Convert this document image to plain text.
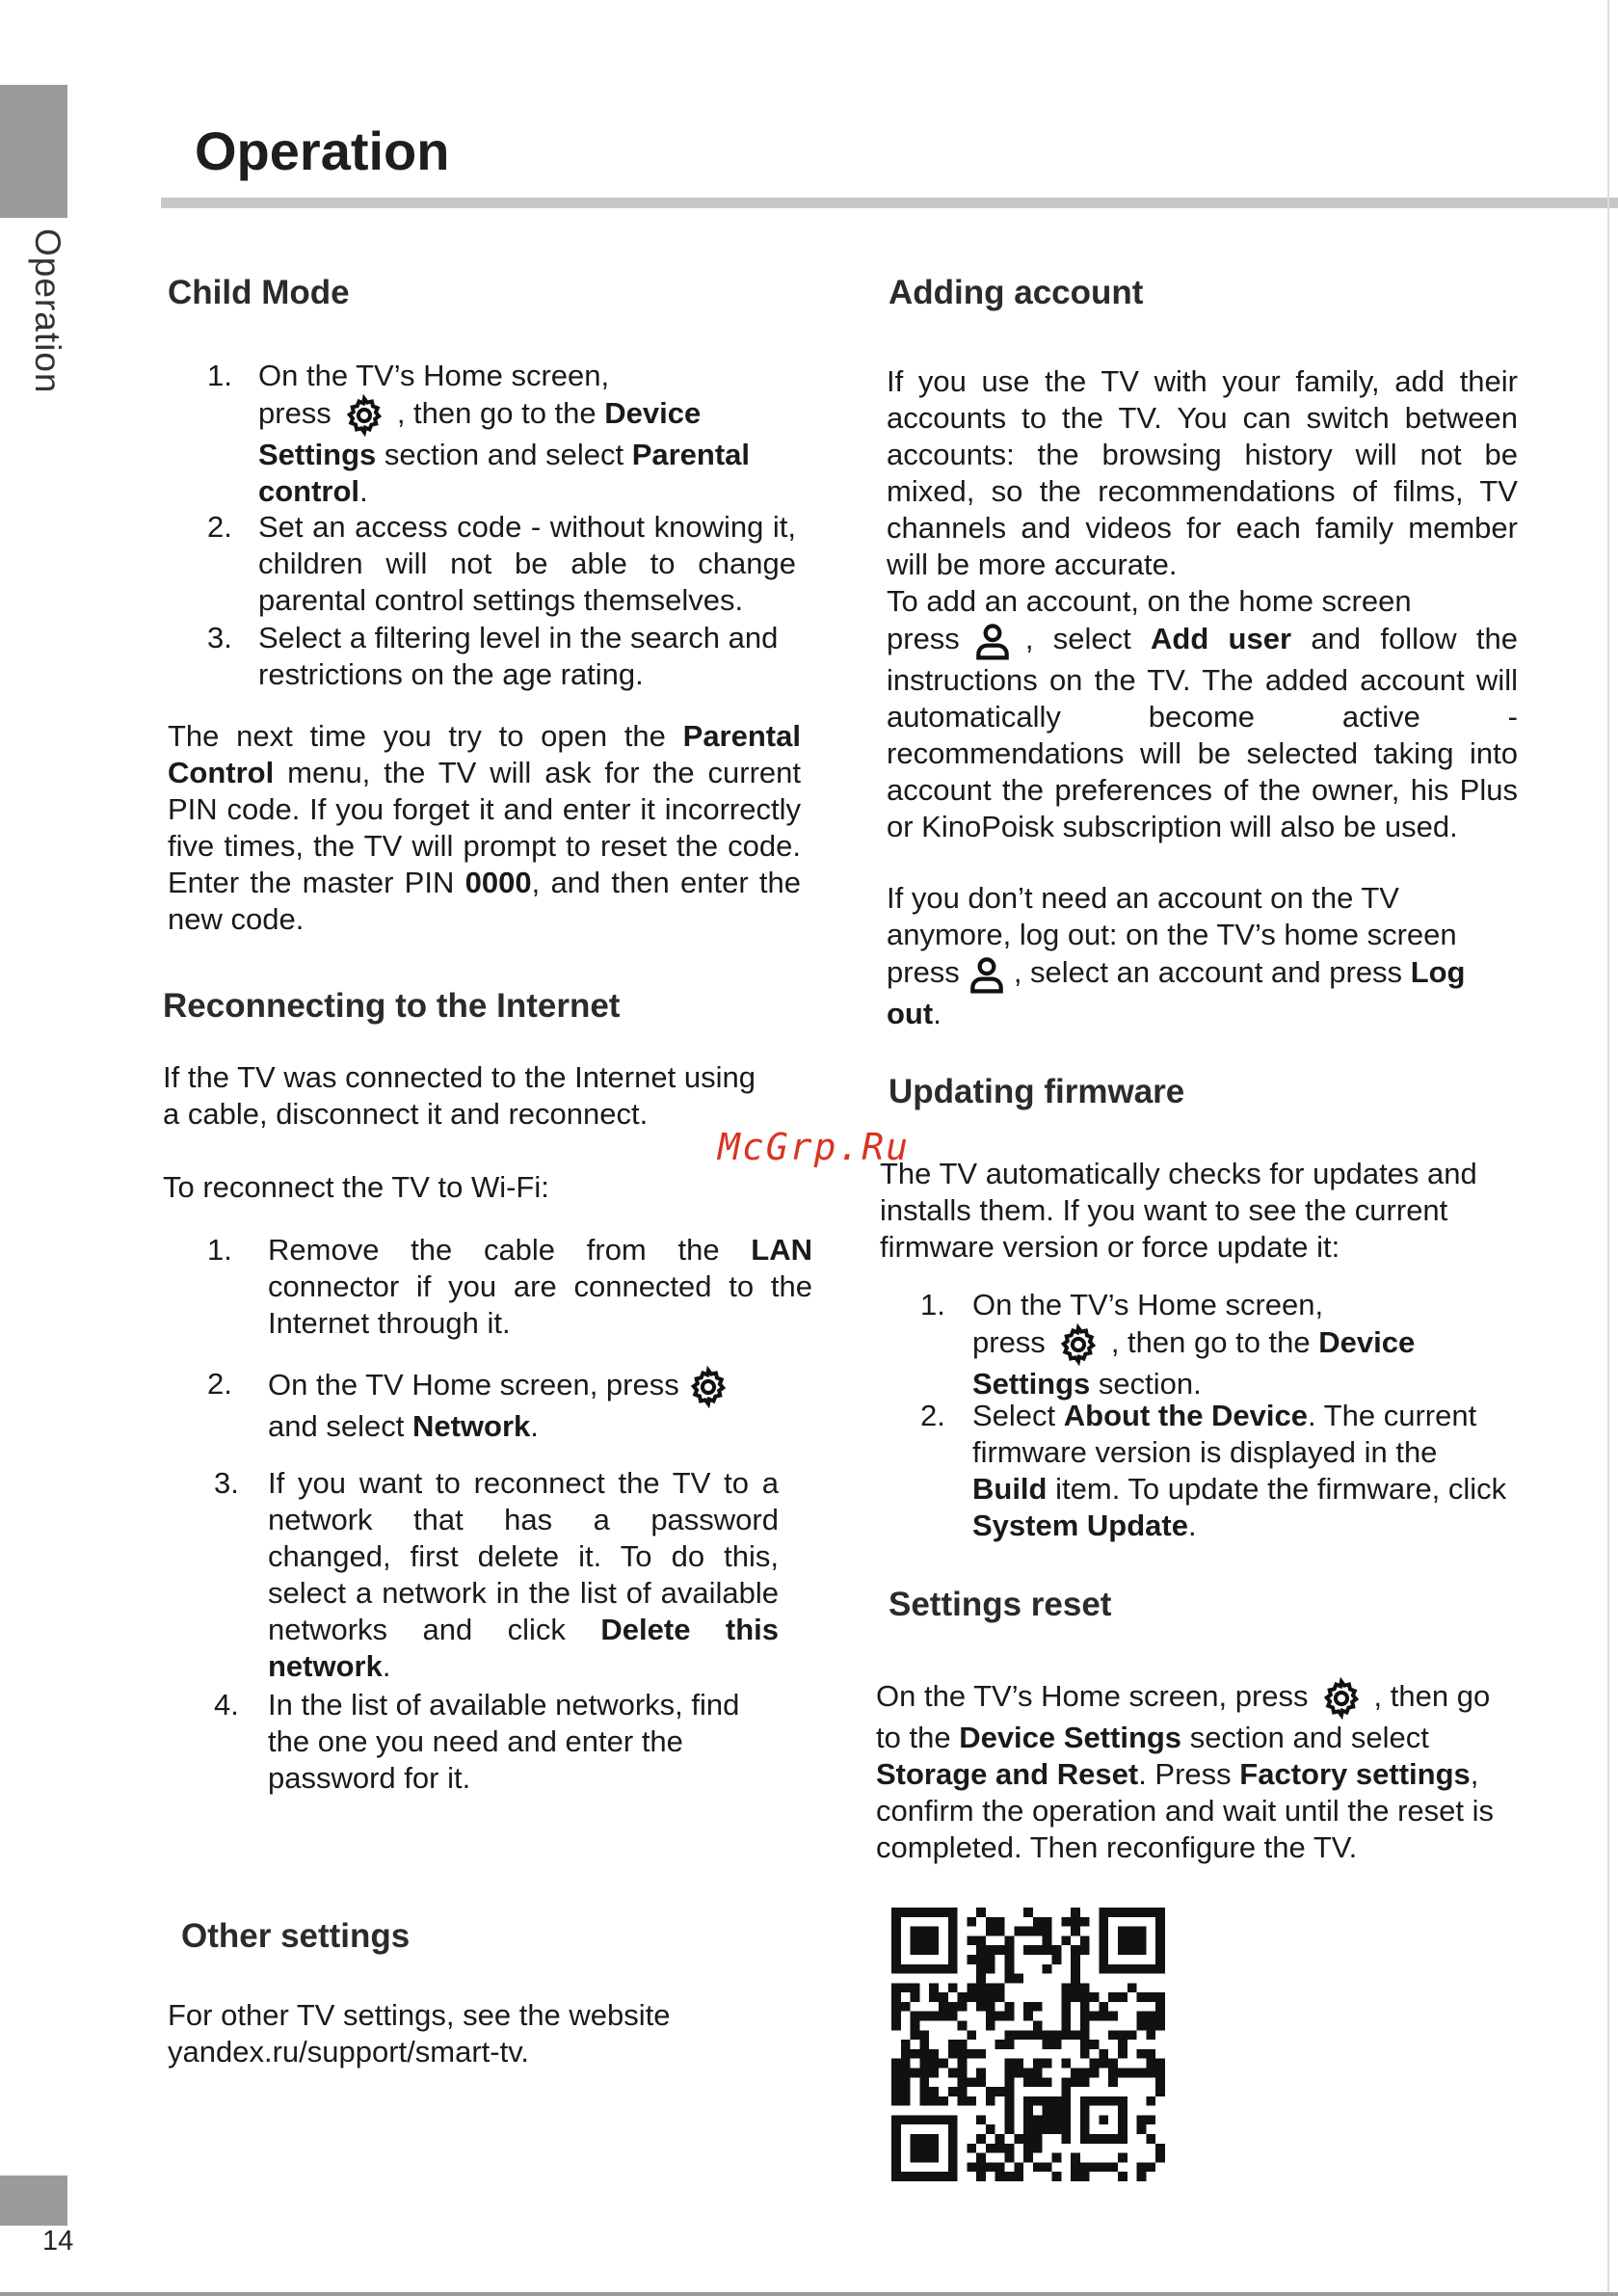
Operation
Operation
14
McGrp.Ru
Child Mode
1. On the TV’s Home screen,
press , then go to the Device
Settings section and select Parental
control.
2. Set an access code - without knowing it, children will not be able to change parental control settings themselves.
3. Select a filtering level in the search and restrictions on the age rating.

The next time you try to open the Parental Control menu, the TV will ask for the current PIN code. If you forget it and enter it incorrectly five times, the TV will prompt to reset the code. Enter the master PIN 0000, and then enter the new code.

Reconnecting to the Internet

If the TV was connected to the Internet using a cable, disconnect it and reconnect.

To reconnect the TV to Wi-Fi:

1. Remove the cable from the LAN connector if you are connected to the Internet through it.
2. On the TV Home screen, press
and select Network.
3. If you want to reconnect the TV to a network that has a password changed, first delete it. To do this, select a network in the list of available networks and click Delete this network.
4. In the list of available networks, find the one you need and enter the password for it.
Other settings

For other TV settings, see the website
yandex.ru/support/smart-tv.

Adding account

If you use the TV with your family, add their accounts to the TV. You can switch between accounts: the browsing history will not be mixed, so the recommendations of films, TV channels and videos for each family member will be more accurate.

To add an account, on the home screen
press , select Add user and follow the instructions on the TV. The added account will automatically become active - recommendations will be selected taking into account the preferences of the owner, his Plus or KinoPoisk subscription will also be used.
If you don’t need an account on the TV anymore, log out: on the TV’s home screen
press , select an account and press Log out.
Updating firmware

The TV automatically checks for updates and installs them. If you want to see the current firmware version or force update it:

1. On the TV’s Home screen,
press , then go to the Device Settings section.
2. Select About the Device. The current firmware version is displayed in the Build item. To update the firmware, click System Update.
Settings reset
On the TV’s Home screen, press , then go to the Device Settings section and select Storage and Reset. Press Factory settings, confirm the operation and wait until the reset is completed. Then reconfigure the TV.
